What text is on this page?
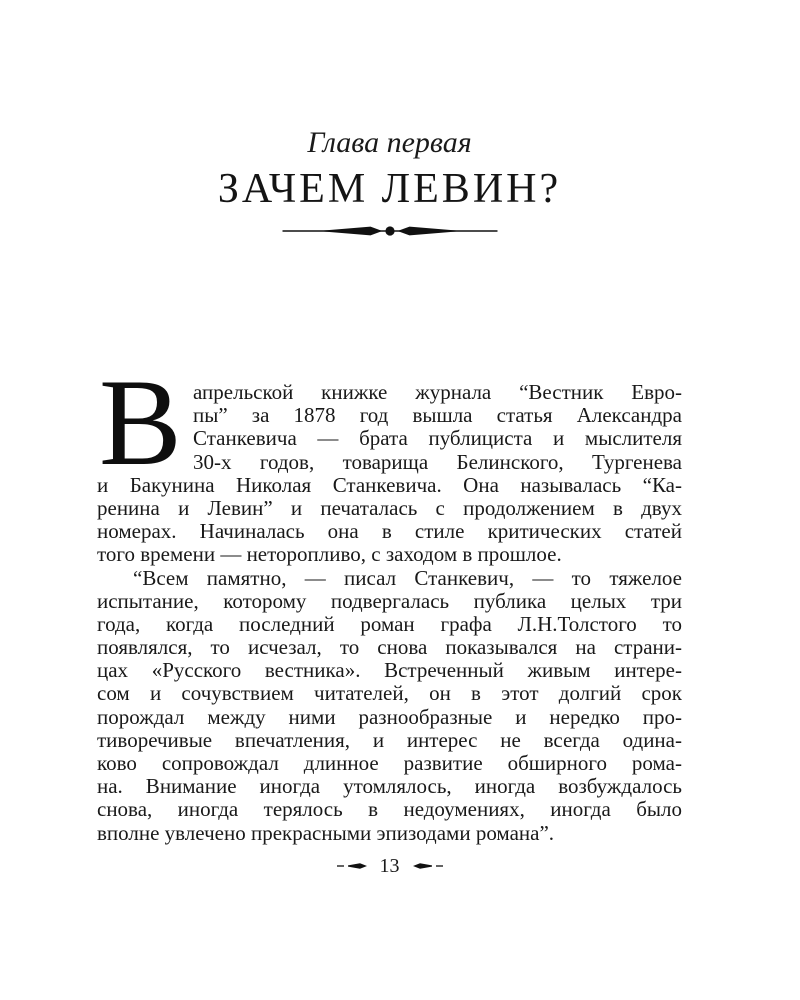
Глава первая
ЗАЧЕМ ЛЕВИН?
В апрельской книжке журнала “Вестник Евро-
пы” за 1878 год вышла статья Александра
Станкевича — брата публициста и мыслителя
30-х годов, товарища Белинского, Тургенева
и Бакунина Николая Станкевича. Она называлась “Ка-
ренина и Левин” и печаталась с продолжением в двух
номерах. Начиналась она в стиле критических статей
того времени — неторопливо, с заходом в прошлое.
“Всем памятно, — писал Станкевич, — то тяжелое
испытание, которому подвергалась публика целых три
года, когда последний роман графа Л.Н.Толстого то
появлялся, то исчезал, то снова показывался на страни-
цах «Русского вестника». Встреченный живым интере-
сом и сочувствием читателей, он в этот долгий срок
порождал между ними разнообразные и нередко про-
тиворечивые впечатления, и интерес не всегда одина-
ково сопровождал длинное развитие обширного рома-
на. Внимание иногда утомлялось, иногда возбуждалось
снова, иногда терялось в недоумениях, иногда было
вполне увлечено прекрасными эпизодами романа”.
13
